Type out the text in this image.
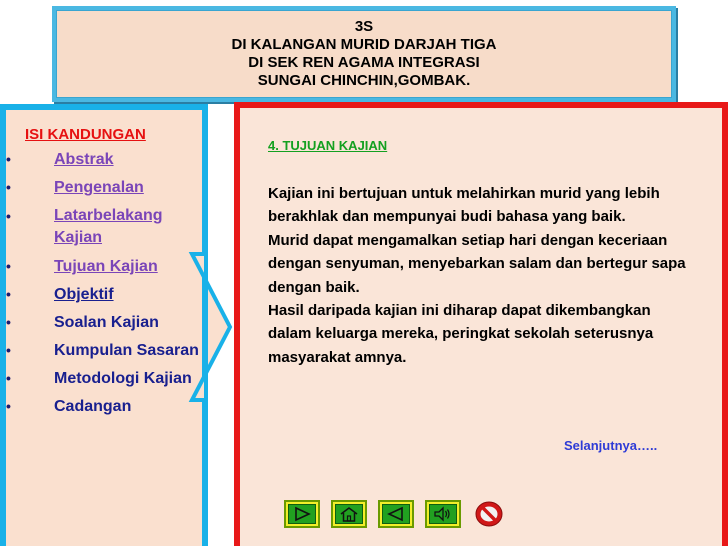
3S
DI KALANGAN MURID DARJAH TIGA
DI SEK REN AGAMA INTEGRASI
SUNGAI CHINCHIN,GOMBAK.
ISI KANDUNGAN
•	Abstrak
•	Pengenalan
•	Latarbelakang Kajian
•	Tujuan Kajian
•	Objektif
•	Soalan Kajian
•	Kumpulan Sasaran
•	Metodologi Kajian
•	Cadangan
4. TUJUAN KAJIAN

Kajian ini bertujuan untuk melahirkan murid yang lebih berakhlak dan mempunyai budi bahasa yang baik.

Murid dapat mengamalkan setiap hari dengan keceriaan dengan senyuman, menyebarkan salam dan bertegur sapa dengan baik.

Hasil daripada kajian ini diharap dapat dikembangkan dalam keluarga mereka, peringkat sekolah seterusnya masyarakat amnya.

Selanjutnya…..
